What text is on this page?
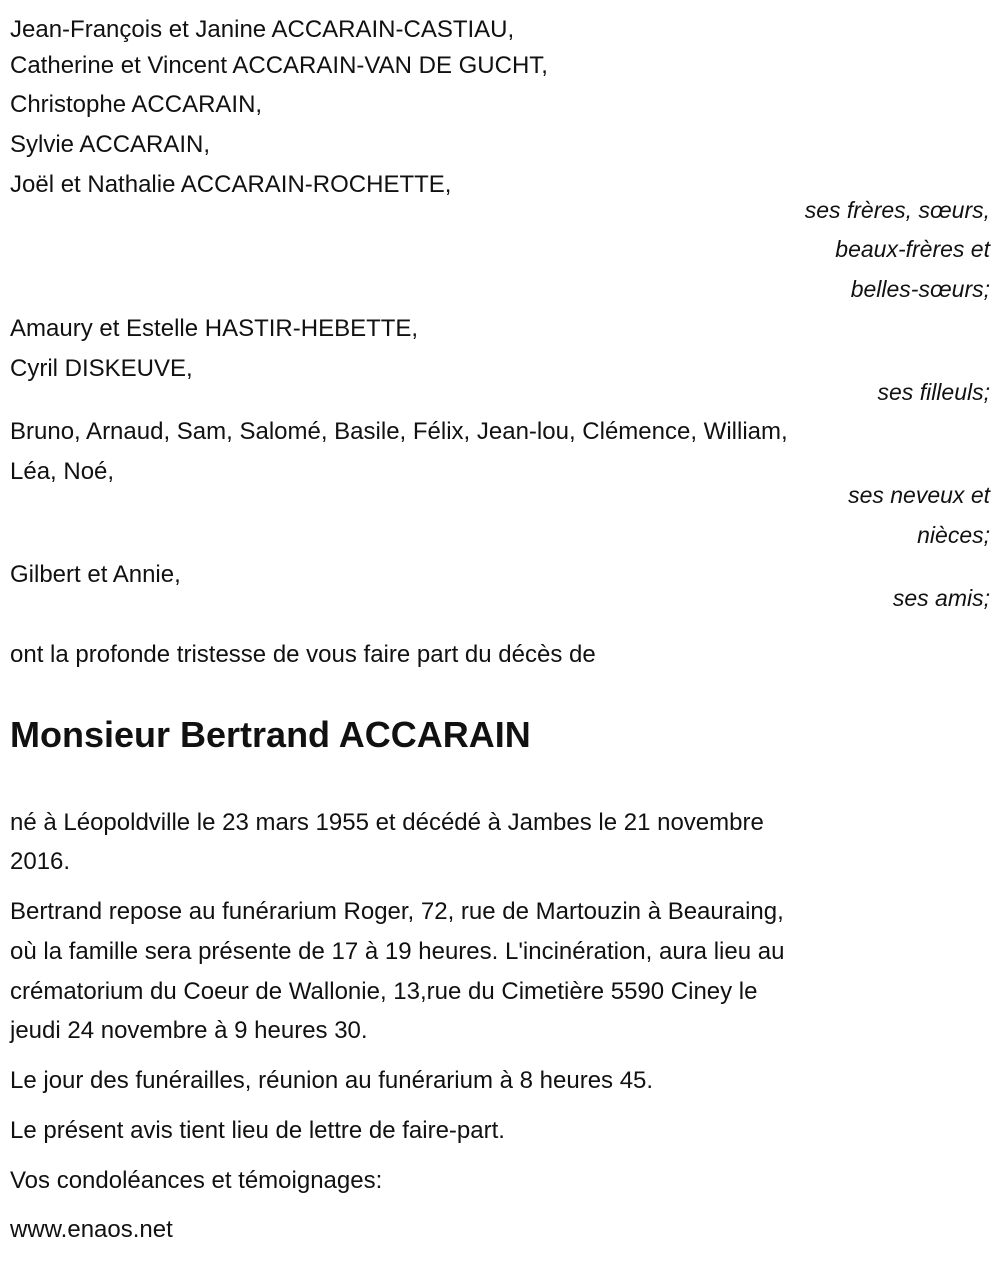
Jean-François et Janine ACCARAIN-CASTIAU,
Catherine et Vincent ACCARAIN-VAN DE GUCHT,
Christophe ACCARAIN,
Sylvie ACCARAIN,
Joël et Nathalie ACCARAIN-ROCHETTE,
ses frères, sœurs,
beaux-frères et
belles-sœurs;
Amaury et Estelle HASTIR-HEBETTE,
Cyril DISKEUVE,
ses filleuls;
Bruno, Arnaud, Sam, Salomé, Basile, Félix, Jean-lou, Clémence, William,
Léa, Noé,
ses neveux et
nièces;
Gilbert et Annie,
ses amis;
ont la profonde tristesse de vous faire part du décès de
Monsieur Bertrand ACCARAIN
né à Léopoldville le 23 mars 1955 et décédé à Jambes le 21 novembre
2016.
Bertrand repose au funérarium Roger, 72, rue de Martouzin à Beauraing,
où la famille sera présente de 17 à 19 heures. L'incinération, aura lieu au
crématorium du Coeur de Wallonie, 13,rue du Cimetière 5590 Ciney le
jeudi 24 novembre à 9 heures 30.
Le jour des funérailles, réunion au funérarium à 8 heures 45.
Le présent avis tient lieu de lettre de faire-part.
Vos condoléances et témoignages:
www.enaos.net
